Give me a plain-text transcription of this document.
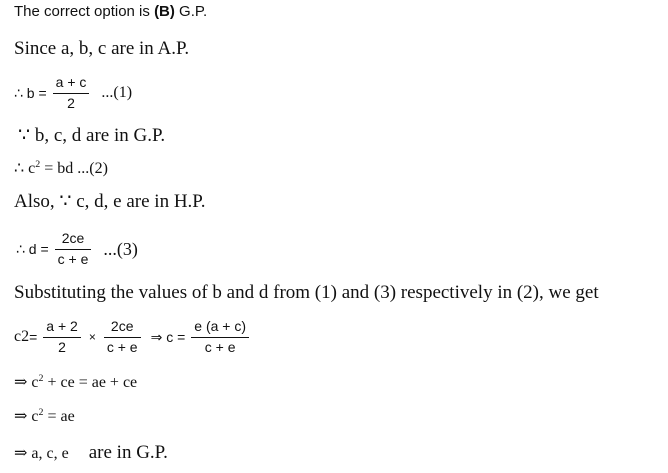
The correct option is (B) G.P.
Since a, b, c are in A.P.
∴ $b = \frac{a + c}{2} ...(1)$
∵ b, c, d are in G.P.
∴ $c^2$ = bd ...(2)
Also, ∵ c, d, e are in H.P.
∴ $d = \frac{2ce}{c + e} ...(3)$
Substituting the values of b and d from (1) and (3) respectively in (2), we get
c $2 = \frac{a + 2}{2} \times \frac{2ce}{c + e}$ ⇒ $c = \frac{e (a + c)}{c + e}$
⇒ $c^2$ + ce = ae + ce
⇒ $c^2$ = ae
⇒ a, c, e are in G.P.
